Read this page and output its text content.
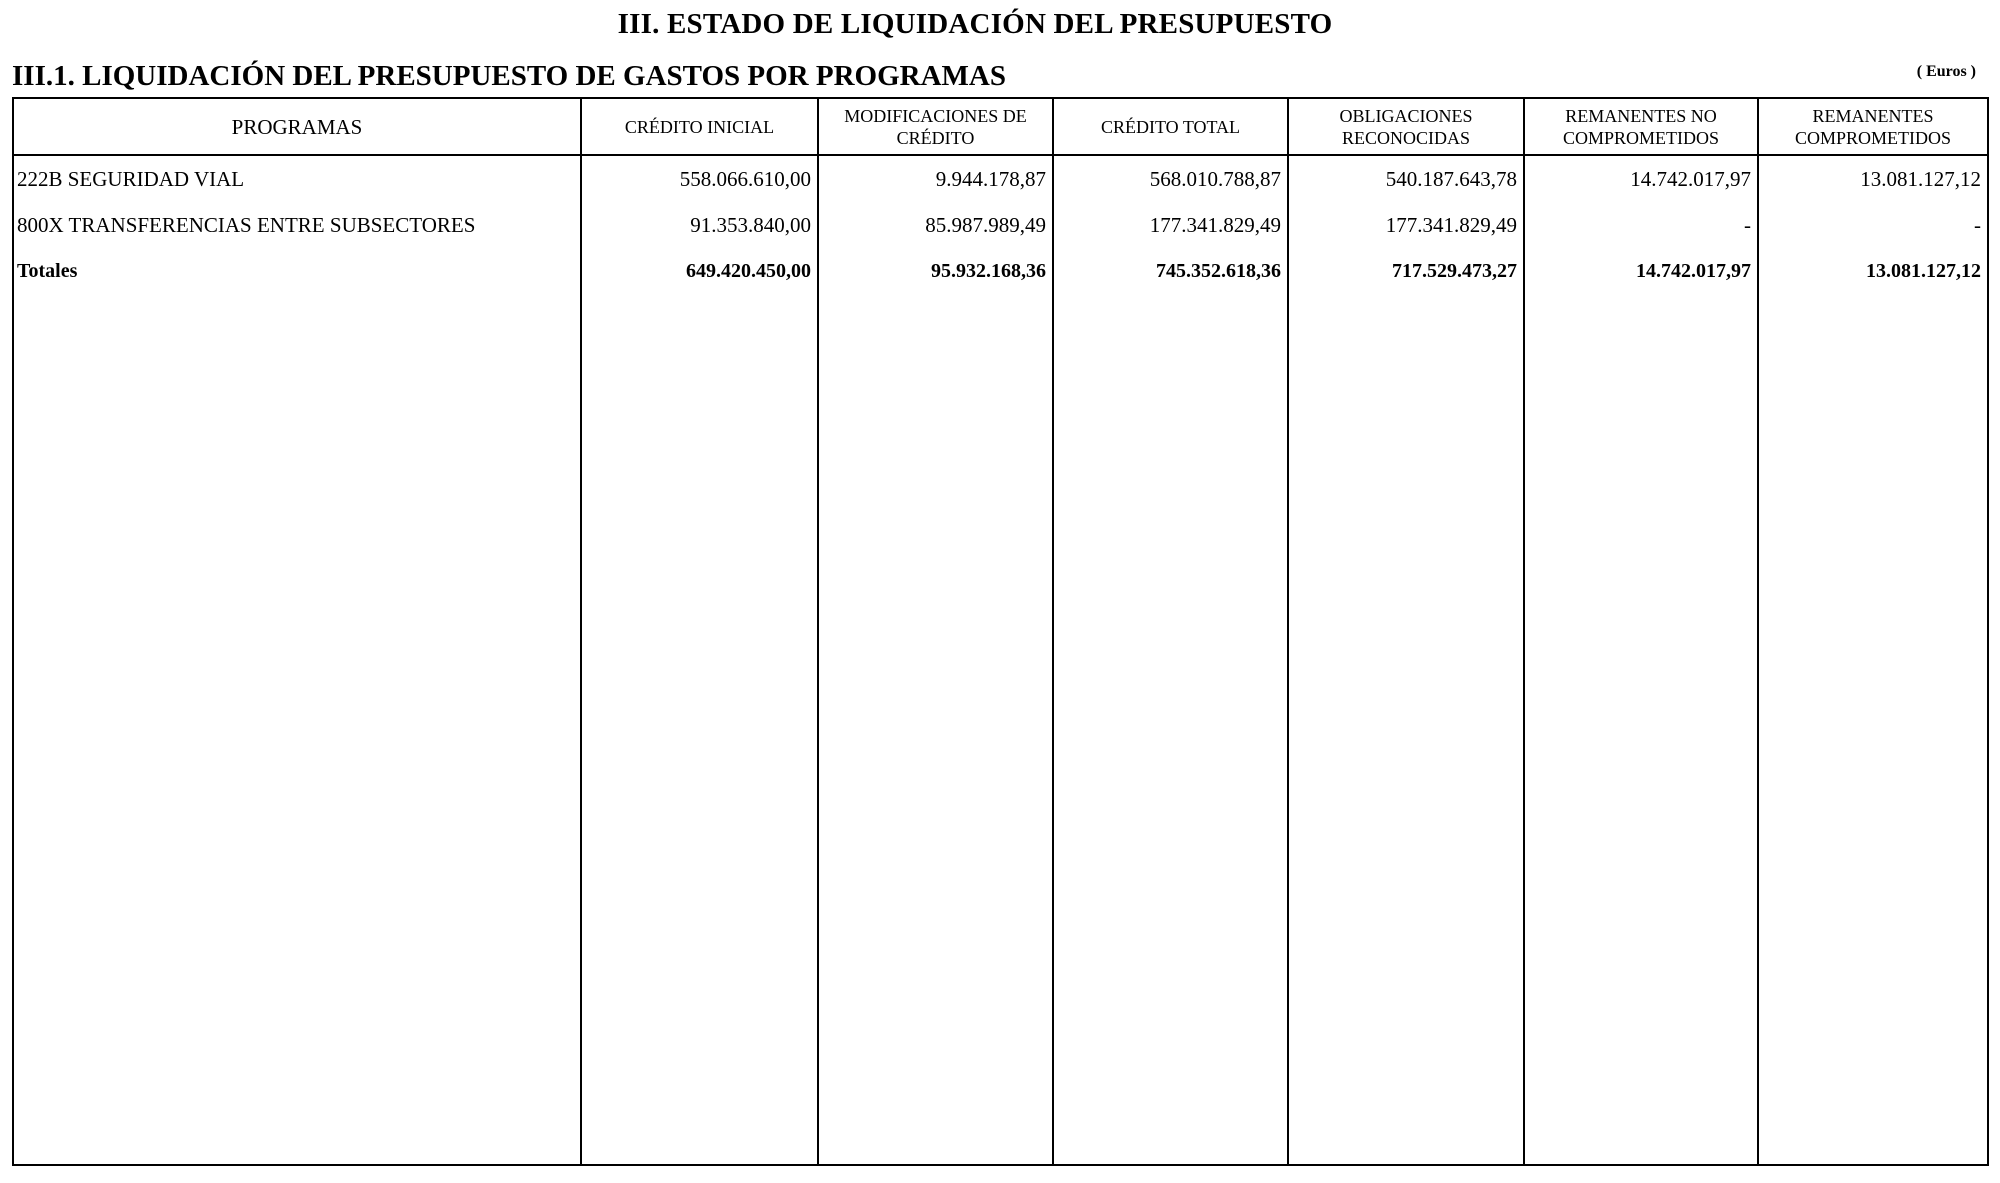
III. ESTADO DE LIQUIDACIÓN DEL PRESUPUESTO
III.1. LIQUIDACIÓN DEL PRESUPUESTO DE GASTOS POR PROGRAMAS	( Euros )
PROGRAMAS	CRÉDITO INICIAL	MODIFICACIONES DE CRÉDITO	CRÉDITO TOTAL	OBLIGACIONES RECONOCIDAS	REMANENTES NO COMPROMETIDOS	REMANENTES COMPROMETIDOS
222B SEGURIDAD VIAL	558.066.610,00	9.944.178,87	568.010.788,87	540.187.643,78	14.742.017,97	13.081.127,12
800X TRANSFERENCIAS ENTRE SUBSECTORES	91.353.840,00	85.987.989,49	177.341.829,49	177.341.829,49	-	-
Totales	649.420.450,00	95.932.168,36	745.352.618,36	717.529.473,27	14.742.017,97	13.081.127,12
